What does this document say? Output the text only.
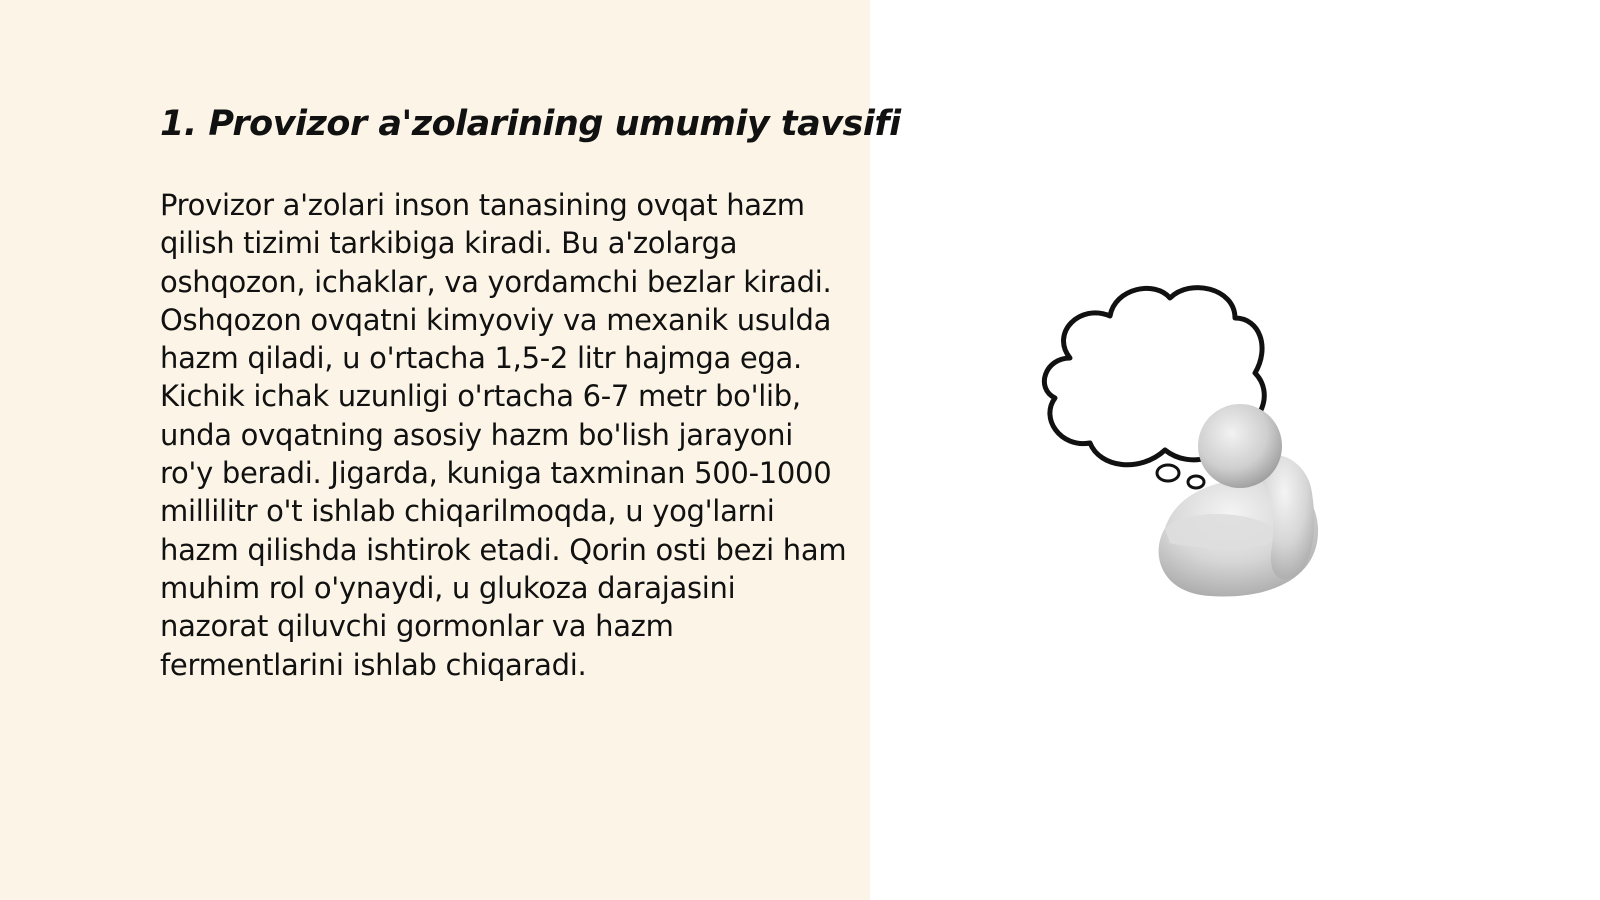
1. Provizor a'zolarining umumiy tavsifi

Provizor a'zolari inson tanasining ovqat hazm qilish tizimi tarkibiga kiradi. Bu a'zolarga oshqozon, ichaklar, va yordamchi bezlar kiradi. Oshqozon ovqatni kimyoviy va mexanik usulda hazm qiladi, u o'rtacha 1,5-2 litr hajmga ega. Kichik ichak uzunligi o'rtacha 6-7 metr bo'lib, unda ovqatning asosiy hazm bo'lish jarayoni ro'y beradi. Jigarda, kuniga taxminan 500-1000 millilitr o't ishlab chiqarilmoqda, u yog'larni hazm qilishda ishtirok etadi. Qorin osti bezi ham muhim rol o'ynaydi, u glukoza darajasini nazorat qiluvchi gormonlar va hazm fermentlarini ishlab chiqaradi.
